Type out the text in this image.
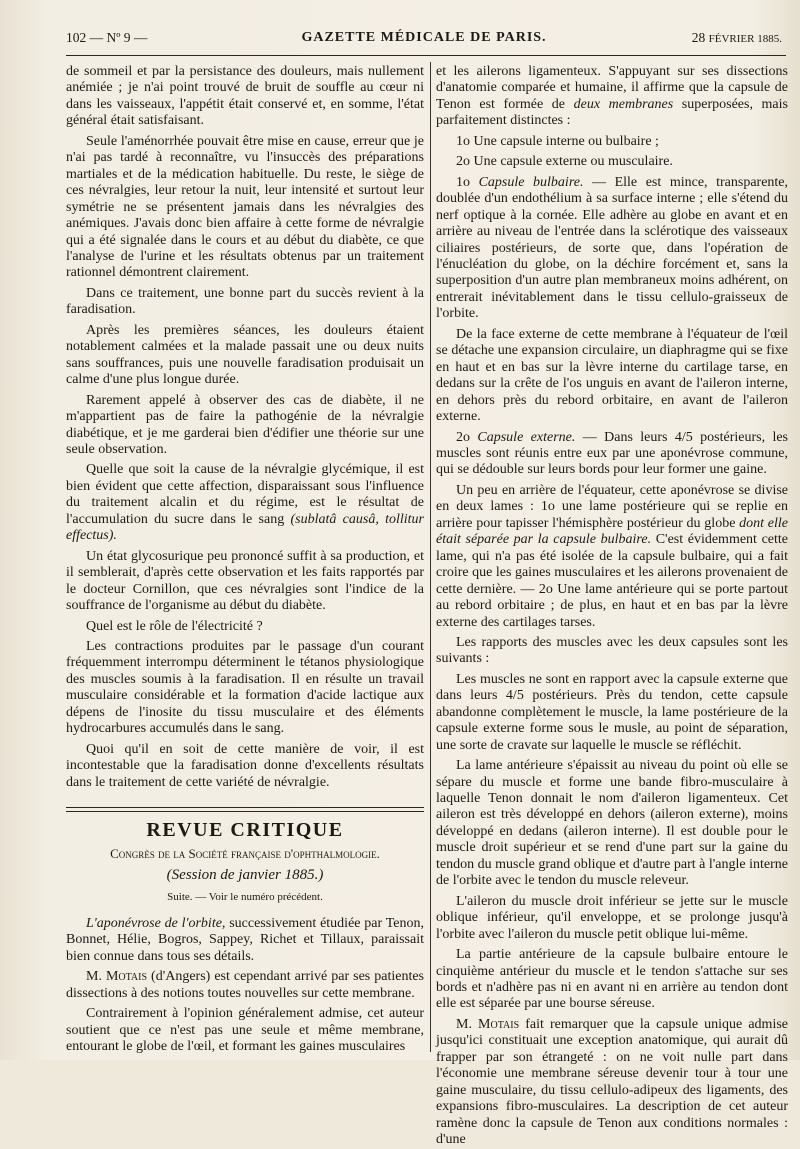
102 — Nº 9 —	GAZETTE MÉDICALE DE PARIS.	28 FÉVRIER 1885.

de sommeil et par la persistance des douleurs, mais nullement anémiée ; je n'ai point trouvé de bruit de souffle au cœur ni dans les vaisseaux, l'appétit était conservé et, en somme, l'état général était satisfaisant.

Seule l'aménorrhée pouvait être mise en cause, erreur que je n'ai pas tardé à reconnaître, vu l'insuccès des préparations martiales et de la médication habituelle. Du reste, le siège de ces névralgies, leur retour la nuit, leur intensité et surtout leur symétrie ne se présentent jamais dans les névralgies des anémiques. J'avais donc bien affaire à cette forme de névralgie qui a été signalée dans le cours et au début du diabète, ce que l'analyse de l'urine et les résultats obtenus par un traitement rationnel démontrent clairement.

Dans ce traitement, une bonne part du succès revient à la faradisation.

Après les premières séances, les douleurs étaient notablement calmées et la malade passait une ou deux nuits sans souffrances, puis une nouvelle faradisation produisait un calme d'une plus longue durée.

Rarement appelé à observer des cas de diabète, il ne m'appartient pas de faire la pathogénie de la névralgie diabétique, et je me garderai bien d'édifier une théorie sur une seule observation.

Quelle que soit la cause de la névralgie glycémique, il est bien évident que cette affection, disparaissant sous l'influence du traitement alcalin et du régime, est le résultat de l'accumulation du sucre dans le sang (sublatâ causâ, tollitur effectus).

Un état glycosurique peu prononcé suffit à sa production, et il semblerait, d'après cette observation et les faits rapportés par le docteur Cornillon, que ces névralgies sont l'indice de la souffrance de l'organisme au début du diabète.

Quel est le rôle de l'électricité ?

Les contractions produites par le passage d'un courant fréquemment interrompu déterminent le tétanos physiologique des muscles soumis à la faradisation. Il en résulte un travail musculaire considérable et la formation d'acide lactique aux dépens de l'inosite du tissu musculaire et des éléments hydrocarbures accumulés dans le sang.

Quoi qu'il en soit de cette manière de voir, il est incontestable que la faradisation donne d'excellents résultats dans le traitement de cette variété de névralgie.

REVUE CRITIQUE

Congrès de la Société française d'ophthalmologie.

(Session de janvier 1885.)

Suite. — Voir le numéro précédent.

L'aponévrose de l'orbite, successivement étudiée par Tenon, Bonnet, Hélie, Bogros, Sappey, Richet et Tillaux, paraissait bien connue dans tous ses détails.

M. Motais (d'Angers) est cependant arrivé par ses patientes dissections à des notions toutes nouvelles sur cette membrane.

Contrairement à l'opinion généralement admise, cet auteur soutient que ce n'est pas une seule et même membrane, entourant le globe de l'œil, et formant les gaines musculaires

et les ailerons ligamenteux. S'appuyant sur ses dissections d'anatomie comparée et humaine, il affirme que la capsule de Tenon est formée de deux membranes superposées, mais parfaitement distinctes :

1o Une capsule interne ou bulbaire ;

2o Une capsule externe ou musculaire.

1o Capsule bulbaire. — Elle est mince, transparente, doublée d'un endothélium à sa surface interne ; elle s'étend du nerf optique à la cornée. Elle adhère au globe en avant et en arrière au niveau de l'entrée dans la sclérotique des vaisseaux ciliaires postérieurs, de sorte que, dans l'opération de l'énucléation du globe, on la déchire forcément et, sans la superposition d'un autre plan membraneux moins adhérent, on entrerait inévitablement dans le tissu cellulo-graisseux de l'orbite.

De la face externe de cette membrane à l'équateur de l'œil se détache une expansion circulaire, un diaphragme qui se fixe en haut et en bas sur la lèvre interne du cartilage tarse, en dedans sur la crête de l'os unguis en avant de l'aileron interne, en dehors près du rebord orbitaire, en avant de l'aileron externe.

2o Capsule externe. — Dans leurs 4/5 postérieurs, les muscles sont réunis entre eux par une aponévrose commune, qui se dédouble sur leurs bords pour leur former une gaine.

Un peu en arrière de l'équateur, cette aponévrose se divise en deux lames : 1o une lame postérieure qui se replie en arrière pour tapisser l'hémisphère postérieur du globe dont elle était séparée par la capsule bulbaire. C'est évidemment cette lame, qui n'a pas été isolée de la capsule bulbaire, qui a fait croire que les gaines musculaires et les ailerons provenaient de cette dernière. — 2o Une lame antérieure qui se porte partout au rebord orbitaire ; de plus, en haut et en bas par la lèvre externe des cartilages tarses.

Les rapports des muscles avec les deux capsules sont les suivants :

Les muscles ne sont en rapport avec la capsule externe que dans leurs 4/5 postérieurs. Près du tendon, cette capsule abandonne complètement le muscle, la lame postérieure de la capsule externe forme sous le musle, au point de séparation, une sorte de cravate sur laquelle le muscle se réfléchit.

La lame antérieure s'épaissit au niveau du point où elle se sépare du muscle et forme une bande fibro-musculaire à laquelle Tenon donnait le nom d'aileron ligamenteux. Cet aileron est très développé en dehors (aileron externe), moins développé en dedans (aileron interne). Il est double pour le muscle droit supérieur et se rend d'une part sur la gaine du tendon du muscle grand oblique et d'autre part à l'angle interne de l'orbite avec le tendon du muscle releveur.

L'aileron du muscle droit inférieur se jette sur le muscle oblique inférieur, qu'il enveloppe, et se prolonge jusqu'à l'orbite avec l'aileron du muscle petit oblique lui-même.

La partie antérieure de la capsule bulbaire entoure le cinquième antérieur du muscle et le tendon s'attache sur ses bords et n'adhère pas ni en avant ni en arrière au tendon dont elle est séparée par une bourse séreuse.

M. Motais fait remarquer que la capsule unique admise jusqu'ici constituait une exception anatomique, qui aurait dû frapper par son étrangeté : on ne voit nulle part dans l'économie une membrane séreuse devenir tour à tour une gaine musculaire, du tissu cellulo-adipeux des ligaments, des expansions fibro-musculaires. La description de cet auteur ramène donc la capsule de Tenon aux conditions normales : d'une
